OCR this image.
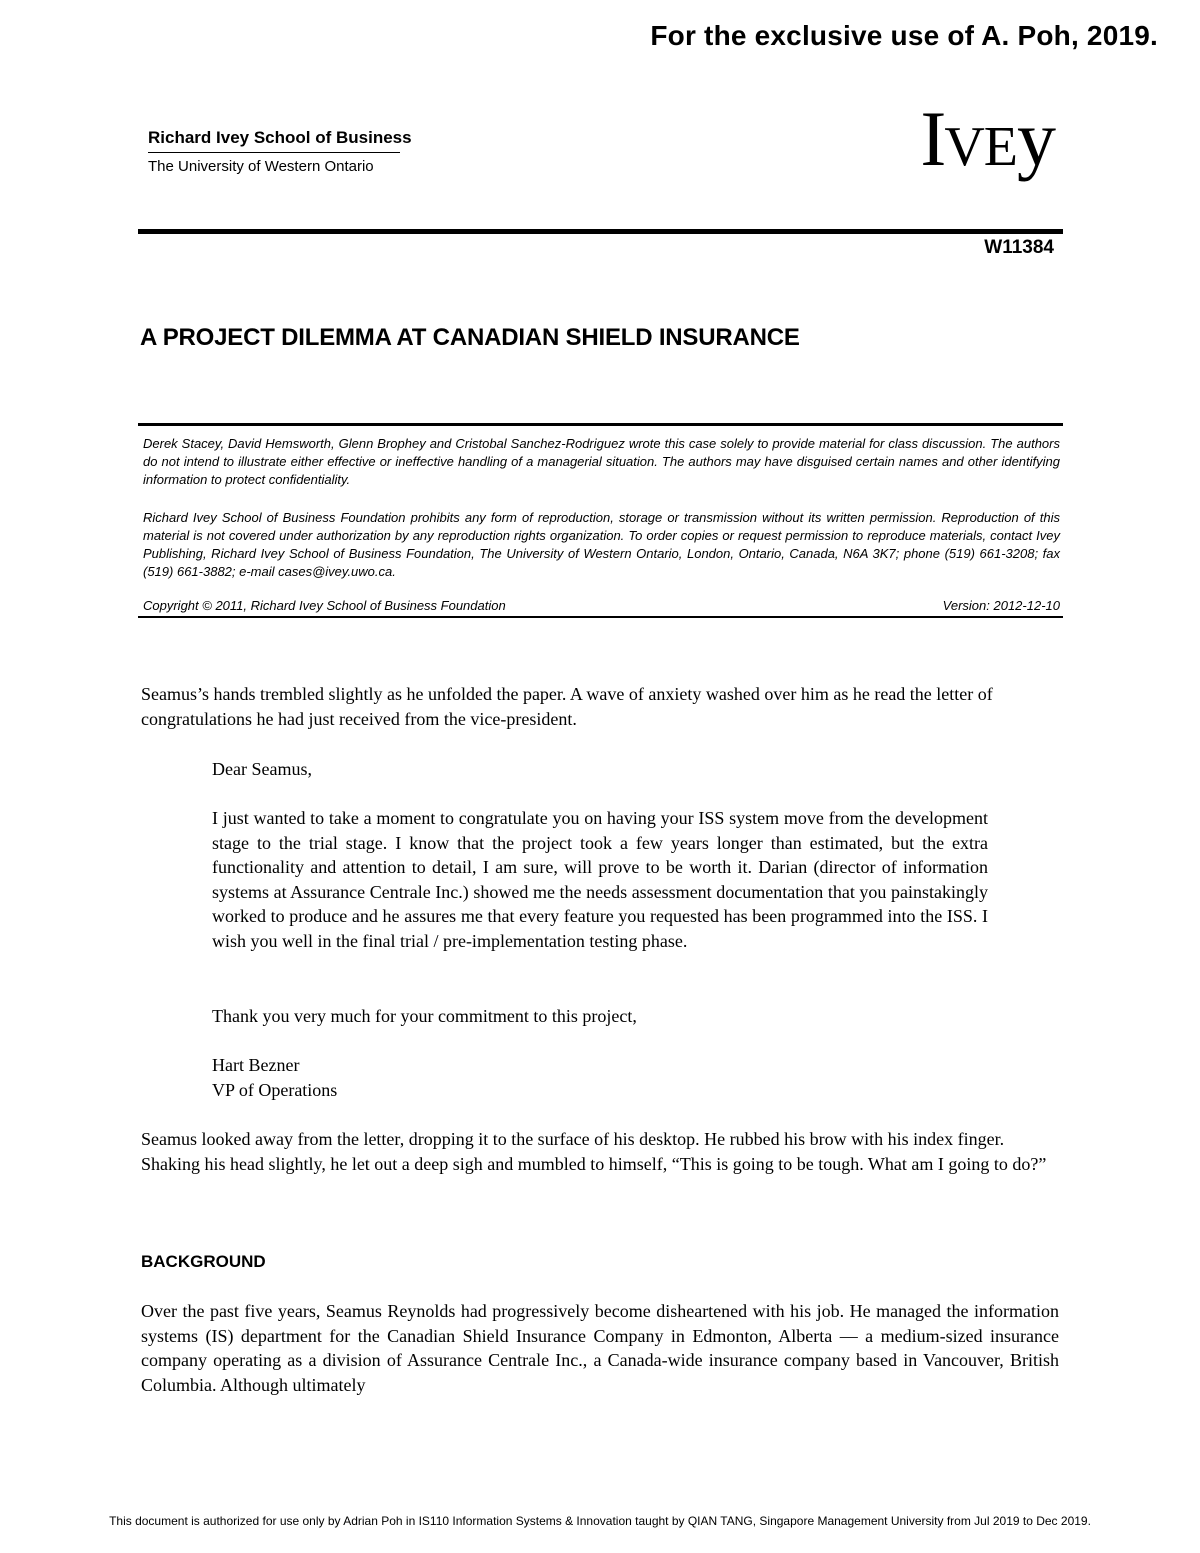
For the exclusive use of A. Poh, 2019.
Richard Ivey School of Business
The University of Western Ontario	IVEy
W11384
A PROJECT DILEMMA AT CANADIAN SHIELD INSURANCE
Derek Stacey, David Hemsworth, Glenn Brophey and Cristobal Sanchez-Rodriguez wrote this case solely to provide material for class discussion. The authors do not intend to illustrate either effective or ineffective handling of a managerial situation. The authors may have disguised certain names and other identifying information to protect confidentiality.
Richard Ivey School of Business Foundation prohibits any form of reproduction, storage or transmission without its written permission. Reproduction of this material is not covered under authorization by any reproduction rights organization. To order copies or request permission to reproduce materials, contact Ivey Publishing, Richard Ivey School of Business Foundation, The University of Western Ontario, London, Ontario, Canada, N6A 3K7; phone (519) 661-3208; fax (519) 661-3882; e-mail cases@ivey.uwo.ca.
Copyright © 2011, Richard Ivey School of Business Foundation	Version: 2012-12-10
Seamus’s hands trembled slightly as he unfolded the paper. A wave of anxiety washed over him as he read the letter of congratulations he had just received from the vice-president.
Dear Seamus,
I just wanted to take a moment to congratulate you on having your ISS system move from the development stage to the trial stage. I know that the project took a few years longer than estimated, but the extra functionality and attention to detail, I am sure, will prove to be worth it. Darian (director of information systems at Assurance Centrale Inc.) showed me the needs assessment documentation that you painstakingly worked to produce and he assures me that every feature you requested has been programmed into the ISS. I wish you well in the final trial / pre-implementation testing phase.
Thank you very much for your commitment to this project,
Hart Bezner
VP of Operations
Seamus looked away from the letter, dropping it to the surface of his desktop. He rubbed his brow with his index finger. Shaking his head slightly, he let out a deep sigh and mumbled to himself, “This is going to be tough. What am I going to do?”
BACKGROUND
Over the past five years, Seamus Reynolds had progressively become disheartened with his job. He managed the information systems (IS) department for the Canadian Shield Insurance Company in Edmonton, Alberta — a medium-sized insurance company operating as a division of Assurance Centrale Inc., a Canada-wide insurance company based in Vancouver, British Columbia. Although ultimately
This document is authorized for use only by Adrian Poh in IS110 Information Systems & Innovation taught by QIAN TANG, Singapore Management University from Jul 2019 to Dec 2019.
